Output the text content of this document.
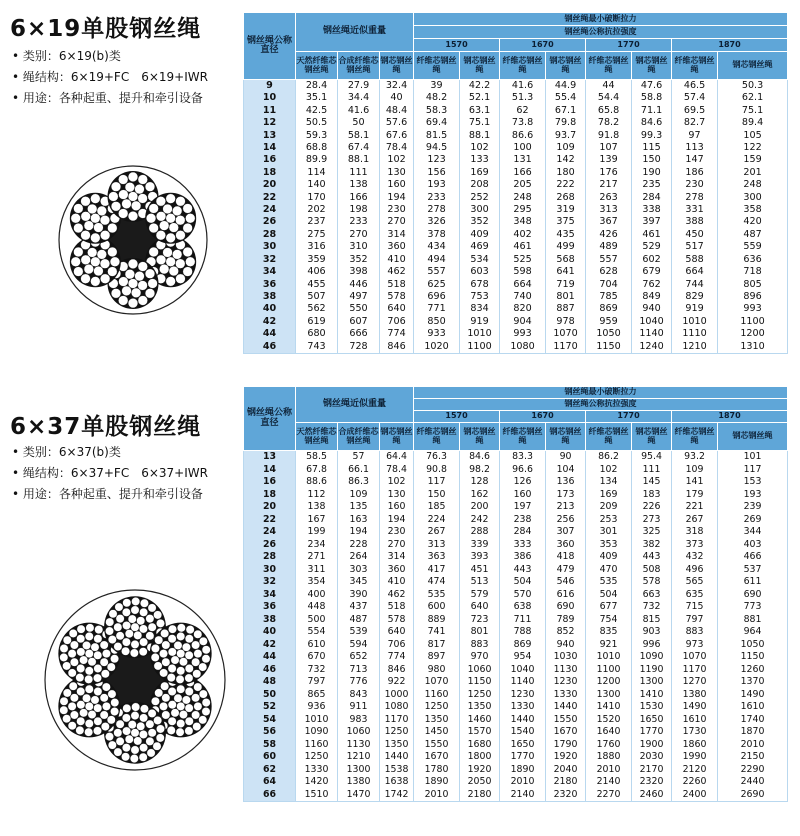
6×19单股钢丝绳
• 类别：6×19(b)类
• 绳结构：6×19+FC　6×19+IWR
• 用途：各种起重、提升和牵引设备
钢丝绳公称直径	钢丝绳近似重量			钢丝绳最小破断拉力							
				钢丝绳公称抗拉强度							
				1570		1670		1770		1870	
	天然纤维芯钢丝绳	合成纤维芯钢丝绳	钢芯钢丝绳	纤维芯钢丝绳	钢芯钢丝绳	纤维芯钢丝绳	钢芯钢丝绳	纤维芯钢丝绳	钢芯钢丝绳	纤维芯钢丝绳	钢芯钢丝绳
9	28.4	27.9	32.4	39	42.2	41.6	44.9	44	47.6	46.5	50.3
10	35.1	34.4	40	48.2	52.1	51.3	55.4	54.4	58.8	57.4	62.1
11	42.5	41.6	48.4	58.3	63.1	62	67.1	65.8	71.1	69.5	75.1
12	50.5	50	57.6	69.4	75.1	73.8	79.8	78.2	84.6	82.7	89.4
13	59.3	58.1	67.6	81.5	88.1	86.6	93.7	91.8	99.3	97	105
14	68.8	67.4	78.4	94.5	102	100	109	107	115	113	122
16	89.9	88.1	102	123	133	131	142	139	150	147	159
18	114	111	130	156	169	166	180	176	190	186	201
20	140	138	160	193	208	205	222	217	235	230	248
22	170	166	194	233	252	248	268	263	284	278	300
24	202	198	230	278	300	295	319	313	338	331	358
26	237	233	270	326	352	348	375	367	397	388	420
28	275	270	314	378	409	402	435	426	461	450	487
30	316	310	360	434	469	461	499	489	529	517	559
32	359	352	410	494	534	525	568	557	602	588	636
34	406	398	462	557	603	598	641	628	679	664	718
36	455	446	518	625	678	664	719	704	762	744	805
38	507	497	578	696	753	740	801	785	849	829	896
40	562	550	640	771	834	820	887	869	940	919	993
42	619	607	706	850	919	904	978	959	1040	1010	1100
44	680	666	774	933	1010	993	1070	1050	1140	1110	1200
46	743	728	846	1020	1100	1080	1170	1150	1240	1210	1310
6×37单股钢丝绳
• 类别：6×37(b)类
• 绳结构：6×37+FC　6×37+IWR
• 用途：各种起重、提升和牵引设备
钢丝绳公称直径	钢丝绳近似重量			钢丝绳最小破断拉力							
				钢丝绳公称抗拉强度							
				1570		1670		1770		1870	
	天然纤维芯钢丝绳	合成纤维芯钢丝绳	钢芯钢丝绳	纤维芯钢丝绳	钢芯钢丝绳	纤维芯钢丝绳	钢芯钢丝绳	纤维芯钢丝绳	钢芯钢丝绳	纤维芯钢丝绳	钢芯钢丝绳
13	58.5	57	64.4	76.3	84.6	83.3	90	86.2	95.4	93.2	101
14	67.8	66.1	78.4	90.8	98.2	96.6	104	102	111	109	117
16	88.6	86.3	102	117	128	126	136	134	145	141	153
18	112	109	130	150	162	160	173	169	183	179	193
20	138	135	160	185	200	197	213	209	226	221	239
22	167	163	194	224	242	238	256	253	273	267	269
24	199	194	230	267	288	284	307	301	325	318	344
26	234	228	270	313	339	333	360	353	382	373	403
28	271	264	314	363	393	386	418	409	443	432	466
30	311	303	360	417	451	443	479	470	508	496	537
32	354	345	410	474	513	504	546	535	578	565	611
34	400	390	462	535	579	570	616	504	663	635	690
36	448	437	518	600	640	638	690	677	732	715	773
38	500	487	578	889	723	711	789	754	815	797	881
40	554	539	640	741	801	788	852	835	903	883	964
42	610	594	706	817	883	869	940	921	996	973	1050
44	670	652	774	897	970	954	1030	1010	1090	1070	1150
46	732	713	846	980	1060	1040	1130	1100	1190	1170	1260
48	797	776	922	1070	1150	1140	1230	1200	1300	1270	1370
50	865	843	1000	1160	1250	1230	1330	1300	1410	1380	1490
52	936	911	1080	1250	1350	1330	1440	1410	1530	1490	1610
54	1010	983	1170	1350	1460	1440	1550	1520	1650	1610	1740
56	1090	1060	1250	1450	1570	1540	1670	1640	1770	1730	1870
58	1160	1130	1350	1550	1680	1650	1790	1760	1900	1860	2010
60	1250	1210	1440	1670	1800	1770	1920	1880	2030	1990	2150
62	1330	1300	1538	1780	1920	1890	2040	2010	2170	2120	2290
64	1420	1380	1638	1890	2050	2010	2180	2140	2320	2260	2440
66	1510	1470	1742	2010	2180	2140	2320	2270	2460	2400	2690
